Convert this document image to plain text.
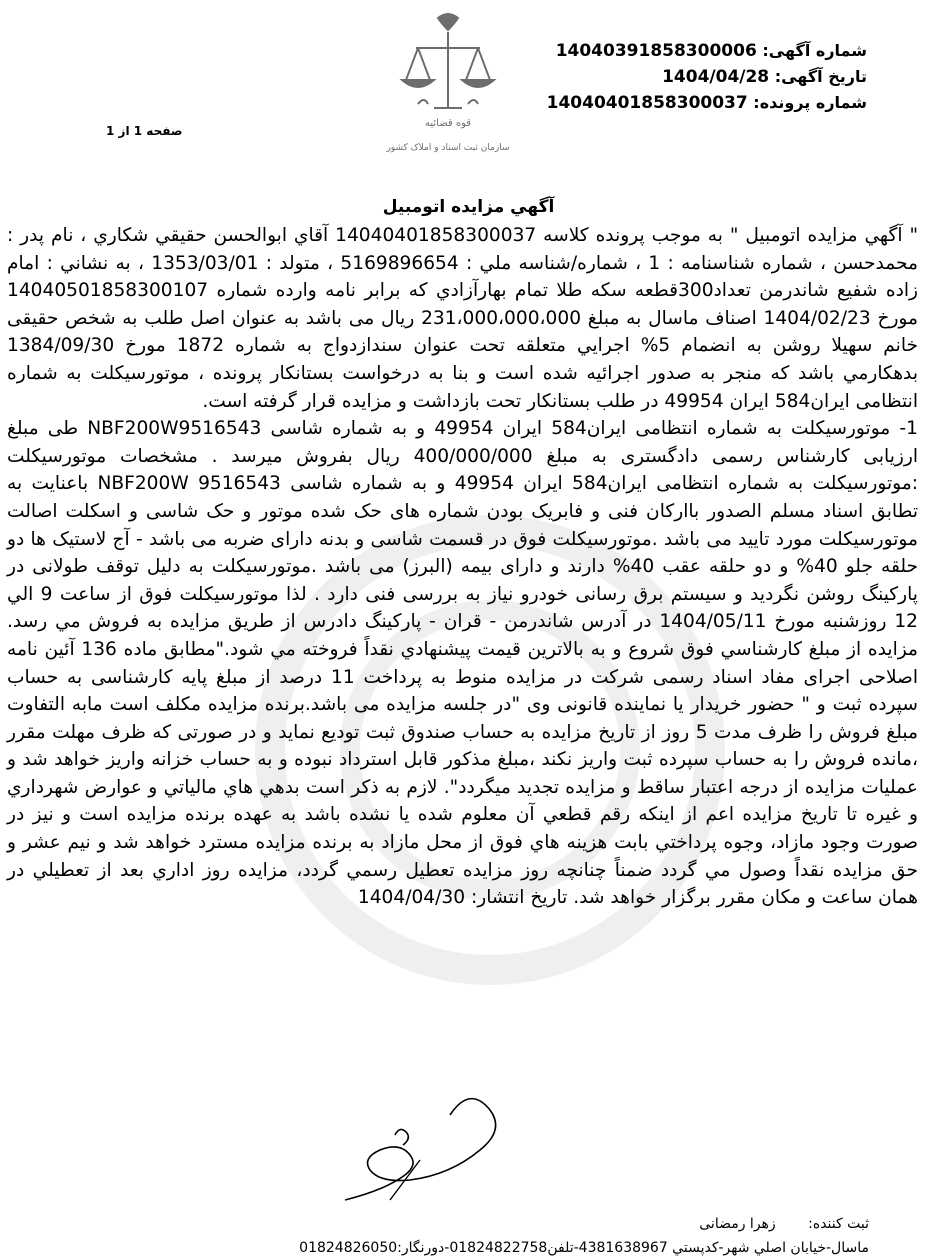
شماره آگهی: 14040391858300006
تاریخ آگهی: 1404/04/28
شماره پرونده: 14040401858300037
قوه قضائیه
سازمان ثبت اسناد و املاک کشور
صفحه 1 از 1
آگهي مزايده اتومبيل

" آگهي مزايده اتومبيل " به موجب پرونده کلاسه 14040401858300037 آقاي ابوالحسن حقيقي شکاري ، نام پدر : محمدحسن ، شماره شناسنامه : 1 ، شماره/شناسه ملي : 5169896654 ، متولد : 1353/03/01 ، به نشاني : امام زاده شفيع شاندرمن تعداد300قطعه سکه طلا تمام بهارآزادي که برابر نامه وارده شماره 14040501858300107 مورخ 1404/02/23 اصناف ماسال به مبلغ 231،000،000،000 ريال می باشد به عنوان اصل طلب به شخص حقیقی خانم سهیلا روشن به انضمام 5% اجرايي متعلقه تحت عنوان سندازدواج به شماره 1872 مورخ 1384/09/30 بدهکارمي باشد که منجر به صدور اجرائيه شده است و بنا به درخواست بستانکار پرونده ، موتورسیکلت به شماره انتظامی ایران584 ایران 49954 در طلب بستانکار تحت بازداشت و مزایده قرار گرفته است.

1- موتورسیکلت به شماره انتظامی ایران584 ایران 49954 و به شماره شاسی NBF200W9516543 طی مبلغ ارزیابی کارشناس رسمی دادگستری به مبلغ 400/000/000 ریال بفروش میرسد . مشخصات موتورسیکلت :موتورسیکلت به شماره انتظامی ایران584 ایران 49954 و به شماره شاسی NBF200W 9516543 باعنایت به تطابق اسناد مسلم الصدور باارکان فنی و فابریک بودن شماره های حک شده موتور و حک شاسی و اسکلت اصالت موتورسیکلت مورد تایید می باشد .موتورسیکلت فوق در قسمت شاسی و بدنه دارای ضربه می باشد - آج لاستیک ها دو حلقه جلو 40% و دو حلقه عقب 40% دارند و دارای بیمه (البرز) می باشد .موتورسیکلت به دلیل توقف طولانی در پارکینگ روشن نگردید و سیستم برق رسانی خودرو نیاز به بررسی فنی دارد . لذا موتورسیکلت فوق از ساعت 9 الي 12 روزشنبه مورخ 1404/05/11 در آدرس شاندرمن - قران - پارکینگ دادرس از طريق مزايده به فروش مي رسد. مزايده از مبلغ کارشناسي فوق شروع و به بالاترين قيمت پيشنهادي نقداً فروخته مي شود."مطابق ماده 136 آئين نامه اصلاحی اجرای مفاد اسناد رسمی شرکت در مزايده منوط به پرداخت 11 درصد از مبلغ پايه کارشناسی به حساب سپرده ثبت و " حضور خریدار یا نماینده قانونی وی "در جلسه مزایده می باشد.برنده مزایده مکلف است مابه التفاوت مبلغ فروش را ظرف مدت 5 روز از تاریخ مزایده به حساب صندوق ثبت تودیع نماید و در صورتی که ظرف مهلت مقرر ،مانده فروش را به حساب سپرده ثبت واریز نکند ،مبلغ مذکور قابل استرداد نبوده و به حساب خزانه واریز خواهد شد و عملیات مزایده از درجه اعتبار ساقط و مزایده تجدید میگردد". لازم به ذکر است بدهي هاي مالياتي و عوارض شهرداري و غيره تا تاريخ مزايده اعم از اينکه رقم قطعي آن معلوم شده يا نشده باشد به عهده برنده مزايده است و نيز در صورت وجود مازاد، وجوه پرداختي بابت هزينه هاي فوق از محل مازاد به برنده مزايده مسترد خواهد شد و نيم عشر و حق مزايده نقداً وصول مي گردد ضمناً چنانچه روز مزايده تعطيل رسمي گردد، مزايده روز اداري بعد از تعطيلي در همان ساعت و مکان مقرر برگزار خواهد شد. تاريخ انتشار: 1404/04/30

ثبت کننده: زهرا رمضانی
ماسال-خيابان اصلي شهر-کدپستي 4381638967-تلفن01824822758-دورنگار:01824826050
